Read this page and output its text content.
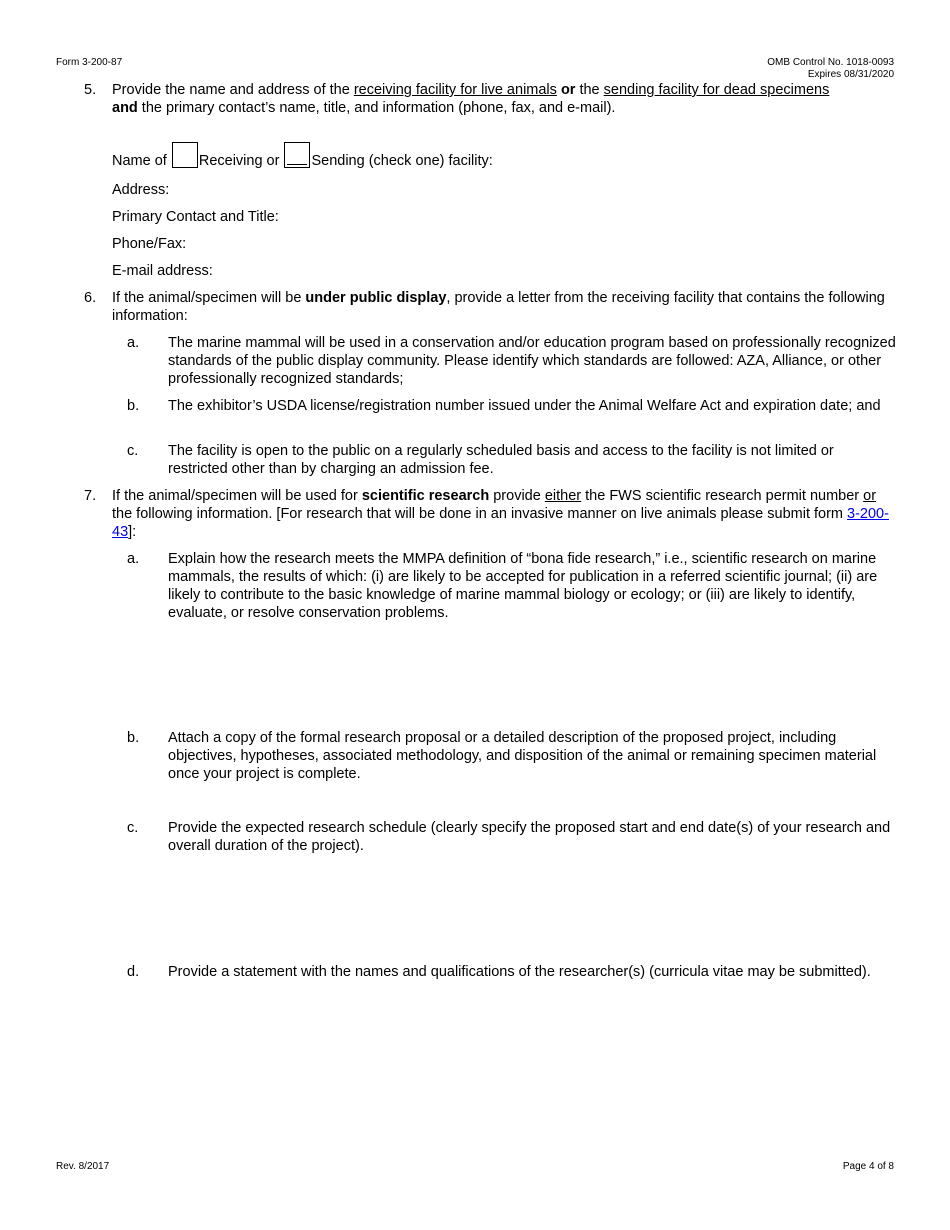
Form 3-200-87	OMB Control No. 1018-0093
Expires 08/31/2020
5. Provide the name and address of the receiving facility for live animals or the sending facility for dead specimens
and the primary contact’s name, title, and information (phone, fax, and e-mail).
Name of Receiving or Sending (check one) facility:
Address:
Primary Contact and Title:
Phone/Fax:
E-mail address:
6. If the animal/specimen will be under public display, provide a letter from the receiving facility that contains the following information:
a. The marine mammal will be used in a conservation and/or education program based on professionally recognized standards of the public display community. Please identify which standards are followed: AZA, Alliance, or other professionally recognized standards;
b. The exhibitor’s USDA license/registration number issued under the Animal Welfare Act and expiration date; and
c. The facility is open to the public on a regularly scheduled basis and access to the facility is not limited or restricted other than by charging an admission fee.
7. If the animal/specimen will be used for scientific research provide either the FWS scientific research permit number or the following information. [For research that will be done in an invasive manner on live animals please submit form 3-200-43]:
a. Explain how the research meets the MMPA definition of “bona fide research,” i.e., scientific research on marine mammals, the results of which: (i) are likely to be accepted for publication in a referred scientific journal; (ii) are likely to contribute to the basic knowledge of marine mammal biology or ecology; or (iii) are likely to identify, evaluate, or resolve conservation problems.
b. Attach a copy of the formal research proposal or a detailed description of the proposed project, including objectives, hypotheses, associated methodology, and disposition of the animal or remaining specimen material once your project is complete.
c. Provide the expected research schedule (clearly specify the proposed start and end date(s) of your research and overall duration of the project).
d. Provide a statement with the names and qualifications of the researcher(s) (curricula vitae may be submitted).
Rev. 8/2017	Page 4 of 8
